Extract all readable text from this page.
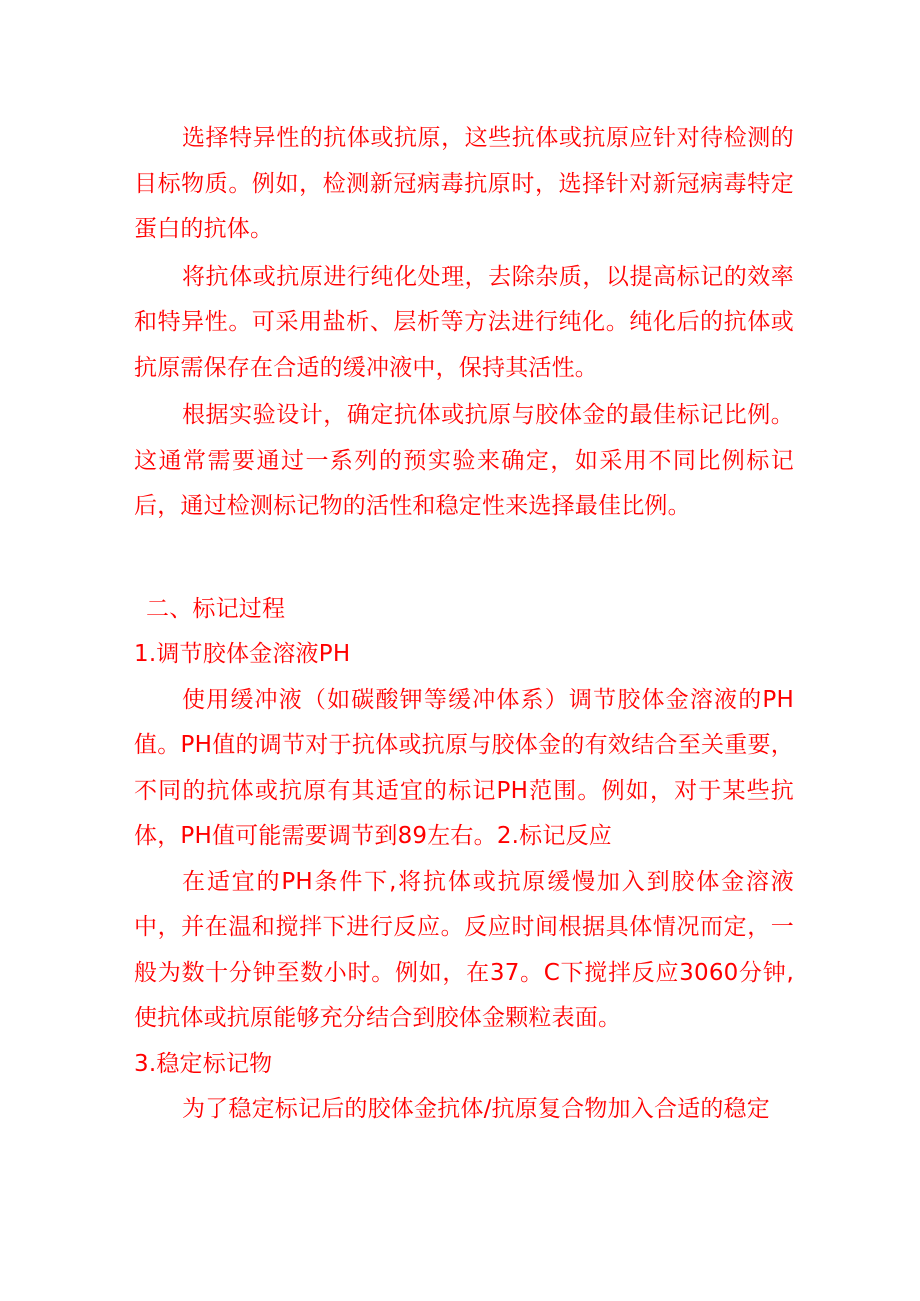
选择特异性的抗体或抗原，这些抗体或抗原应针对待检测的目标物质。例如，检测新冠病毒抗原时，选择针对新冠病毒特定蛋白的抗体。

将抗体或抗原进行纯化处理，去除杂质，以提高标记的效率和特异性。可采用盐析、层析等方法进行纯化。纯化后的抗体或抗原需保存在合适的缓冲液中，保持其活性。

根据实验设计，确定抗体或抗原与胶体金的最佳标记比例。这通常需要通过一系列的预实验来确定，如采用不同比例标记后，通过检测标记物的活性和稳定性来选择最佳比例。

二、标记过程

1.调节胶体金溶液PH

使用缓冲液（如碳酸钾等缓冲体系）调节胶体金溶液的PH值。PH值的调节对于抗体或抗原与胶体金的有效结合至关重要，不同的抗体或抗原有其适宜的标记PH范围。例如，对于某些抗体，PH值可能需要调节到89左右。2.标记反应

在适宜的PH条件下,将抗体或抗原缓慢加入到胶体金溶液中，并在温和搅拌下进行反应。反应时间根据具体情况而定，一般为数十分钟至数小时。例如，在37。C下搅拌反应3060分钟,使抗体或抗原能够充分结合到胶体金颗粒表面。

3.稳定标记物

为了稳定标记后的胶体金抗体/抗原复合物加入合适的稳定
